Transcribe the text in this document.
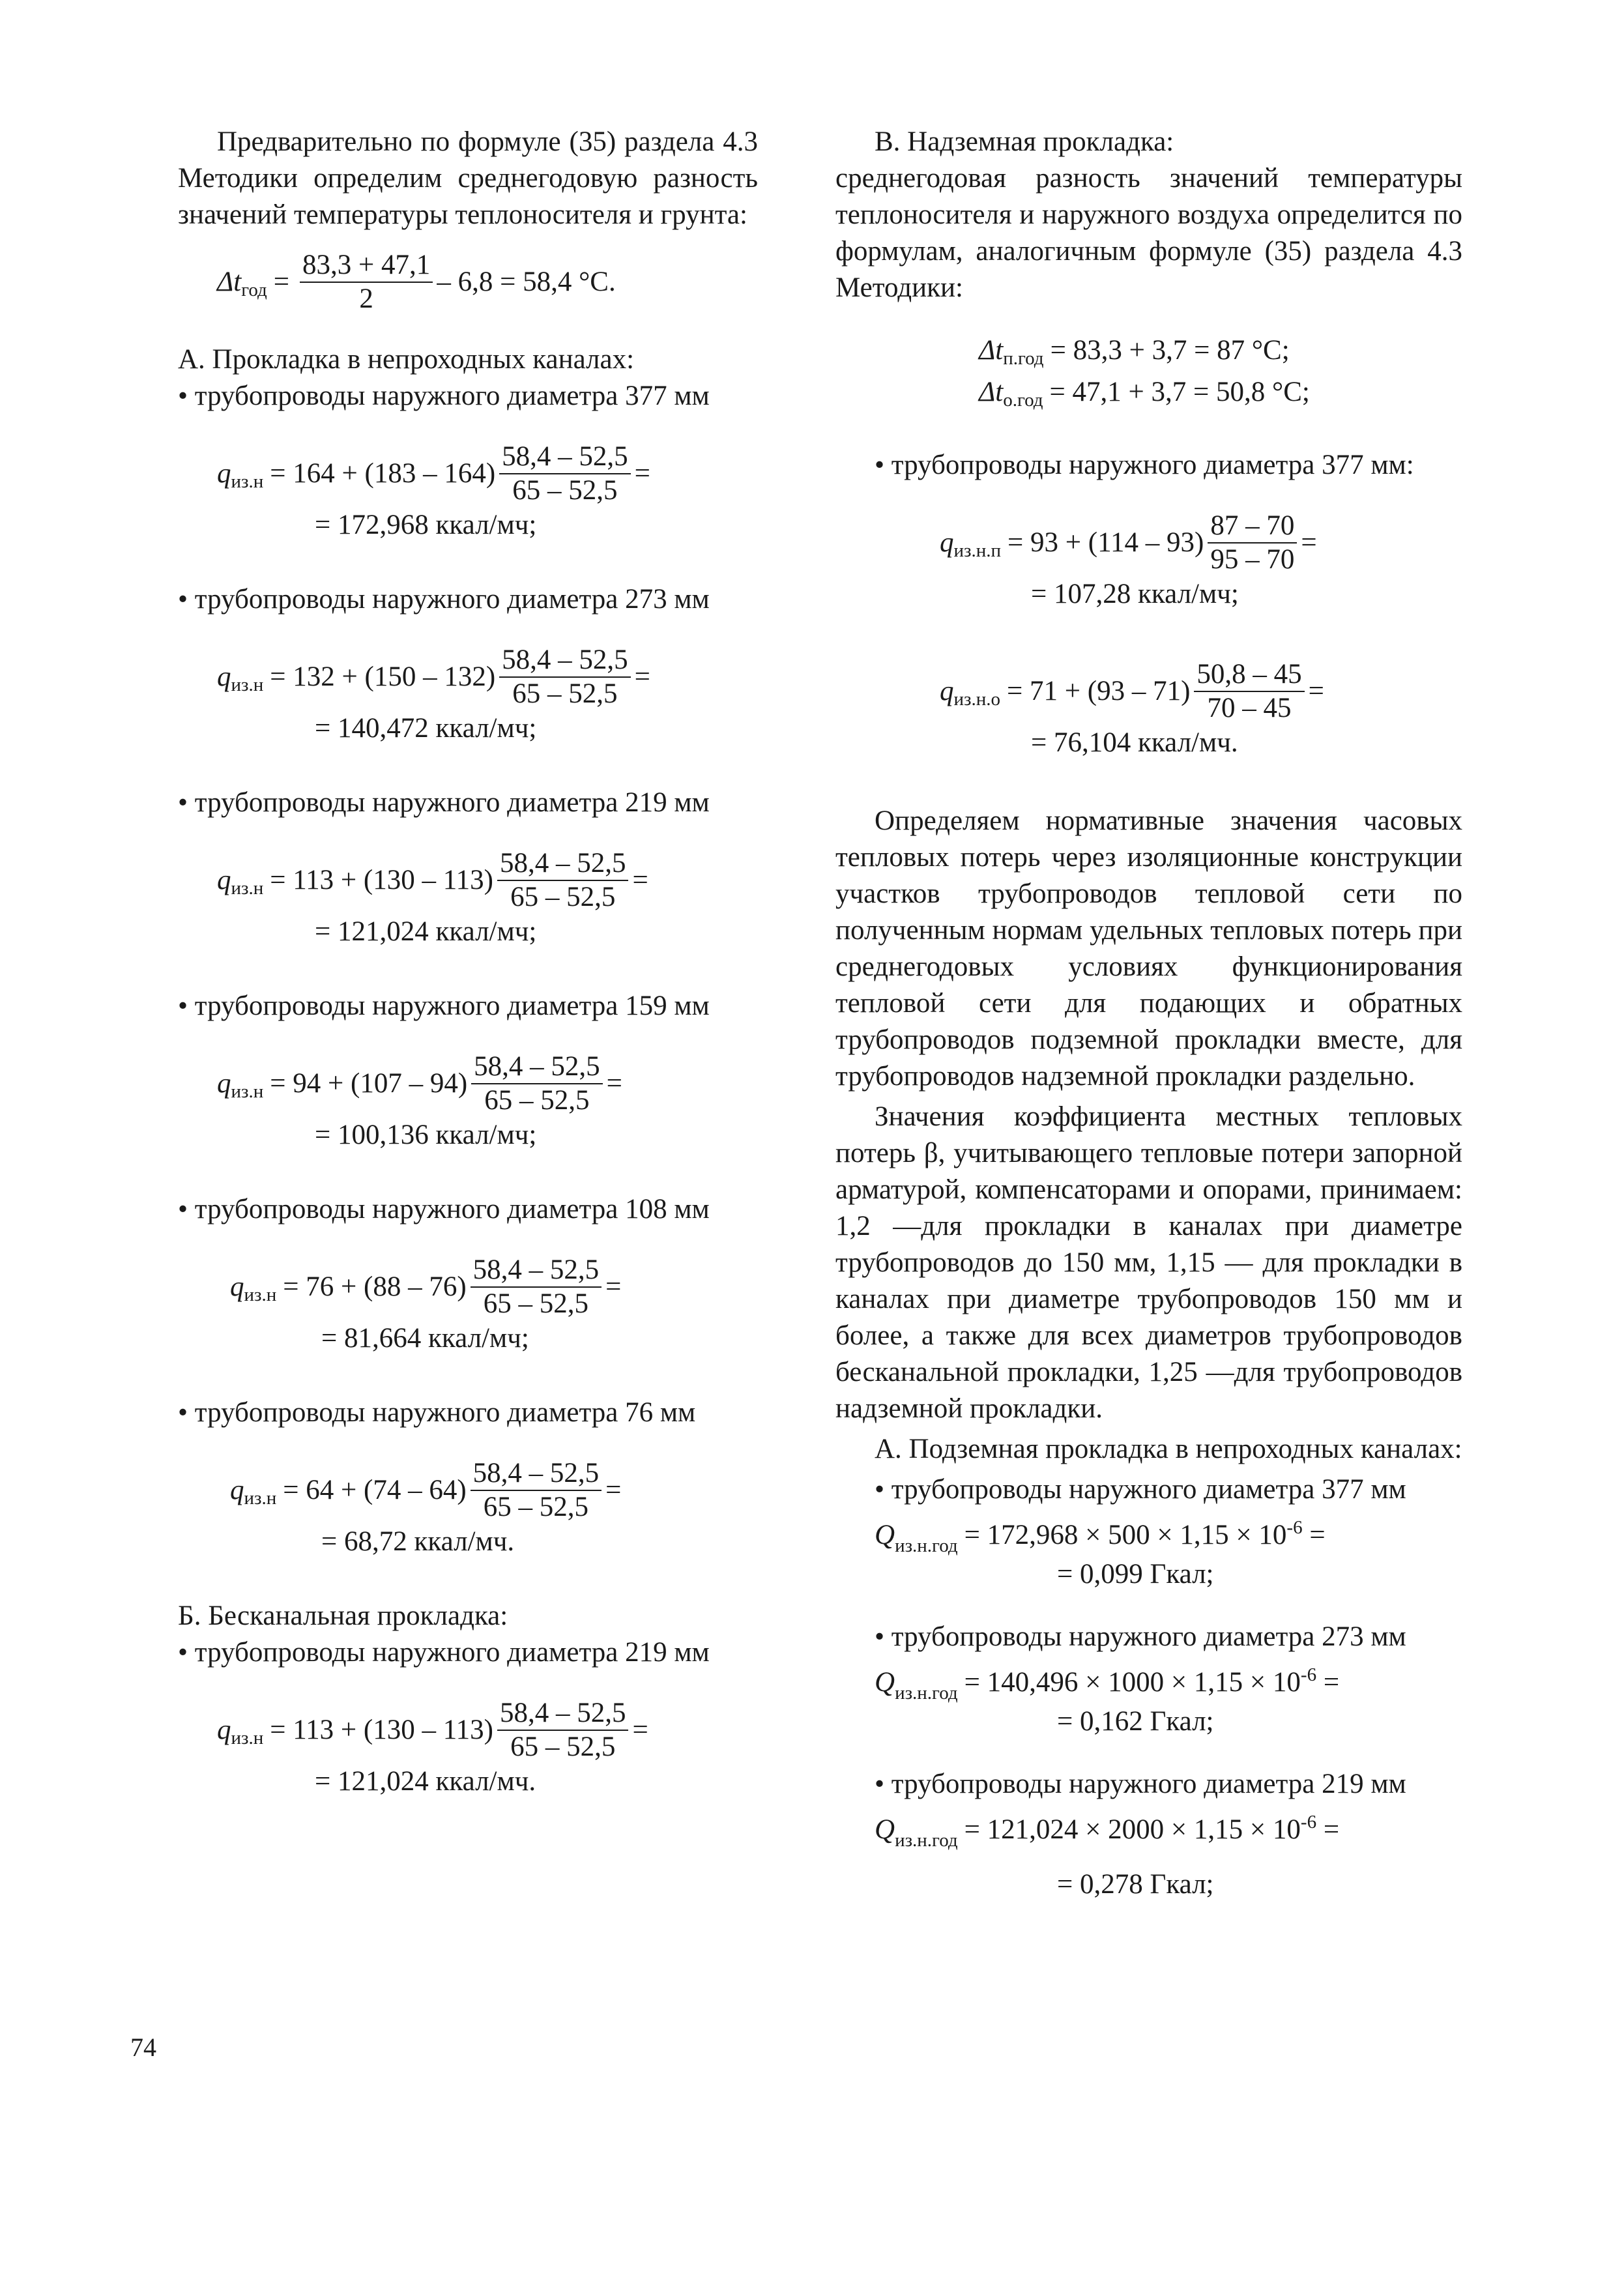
Предварительно по формуле (35) раздела 4.3 Методики определим среднегодовую разность значений температуры теплоносителя и грунта:

Δt год = $\frac{83,3 + 47,1}{2} - 6,8 = 58,4$ °C.

А. Прокладка в непроходных каналах:

• трубопроводы наружного диаметра 377 мм

q $из.н = 164 + (183 - 164) \frac{58,4 - 52,5}{65 - 52,5}$ =
= 172,968 ккал/мч;

• трубопроводы наружного диаметра 273 мм

q $из.н = 132 + (150 - 132) \frac{58,4 - 52,5}{65 - 52,5}$ =
= 140,472 ккал/мч;

• трубопроводы наружного диаметра 219 мм

q $из.н = 113 + (130 - 113) \frac{58,4 - 52,5}{65 - 52,5}$ =
= 121,024 ккал/мч;

• трубопроводы наружного диаметра 159 мм

q $из.н = 94 + (107 - 94) \frac{58,4 - 52,5}{65 - 52,5}$ =
= 100,136 ккал/мч;

• трубопроводы наружного диаметра 108 мм

q $из.н = 76 + (88 - 76) \frac{58,4 - 52,5}{65 - 52,5}$ =
= 81,664 ккал/мч;

• трубопроводы наружного диаметра 76 мм

q $из.н = 64 + (74 - 64) \frac{58,4 - 52,5}{65 - 52,5}$ =
= 68,72 ккал/мч.

Б. Бесканальная прокладка:

• трубопроводы наружного диаметра 219 мм

q $из.н = 113 + (130 - 113) \frac{58,4 - 52,5}{65 - 52,5}$ =
= 121,024 ккал/мч.

В. Надземная прокладка:

среднегодовая разность значений температуры теплоносителя и наружного воздуха определится по формулам, аналогичным формуле (35) раздела 4.3 Методики:

Δt п.год = 83,3 + 3,7 = 87 °C;
Δt о.год = 47,1 + 3,7 = 50,8 °C;

• трубопроводы наружного диаметра 377 мм:

q $из.н.п = 93 + (114 - 93) \frac{87 - 70}{95 - 70}$ =
= 107,28 ккал/мч;
q $из.н.о = 71 + (93 - 71) \frac{50,8 - 45}{70 - 45}$ =
= 76,104 ккал/мч.

Определяем нормативные значения часовых тепловых потерь через изоляционные конструкции участков трубопроводов тепловой сети по полученным нормам удельных тепловых потерь при среднегодовых условиях функционирования тепловой сети для подающих и обратных трубопроводов подземной прокладки вместе, для трубопроводов надземной прокладки раздельно.

Значения коэффициента местных тепловых потерь β, учитывающего тепловые потери запорной арматурой, компенсаторами и опорами, принимаем: 1,2 —для прокладки в каналах при диаметре трубопроводов до 150 мм, 1,15 — для прокладки в каналах при диаметре трубопроводов 150 мм и более, а также для всех диаметров трубопроводов бесканальной прокладки, 1,25 —для трубопроводов надземной прокладки.

А. Подземная прокладка в непроходных каналах:

• трубопроводы наружного диаметра 377 мм

$Q_{из.н.год} = 172,968 \times 500 \times 1,15 \times 10^{-6}$ =
= 0,099 Гкал;

• трубопроводы наружного диаметра 273 мм

$Q_{из.н.год} = 140,496 \times 1000 \times 1,15 \times 10^{-6}$ =
= 0,162 Гкал;

• трубопроводы наружного диаметра 219 мм

$Q_{из.н.год} = 121,024 \times 2000 \times 1,15 \times 10^{-6}$ =
= 0,278 Гкал;
74
